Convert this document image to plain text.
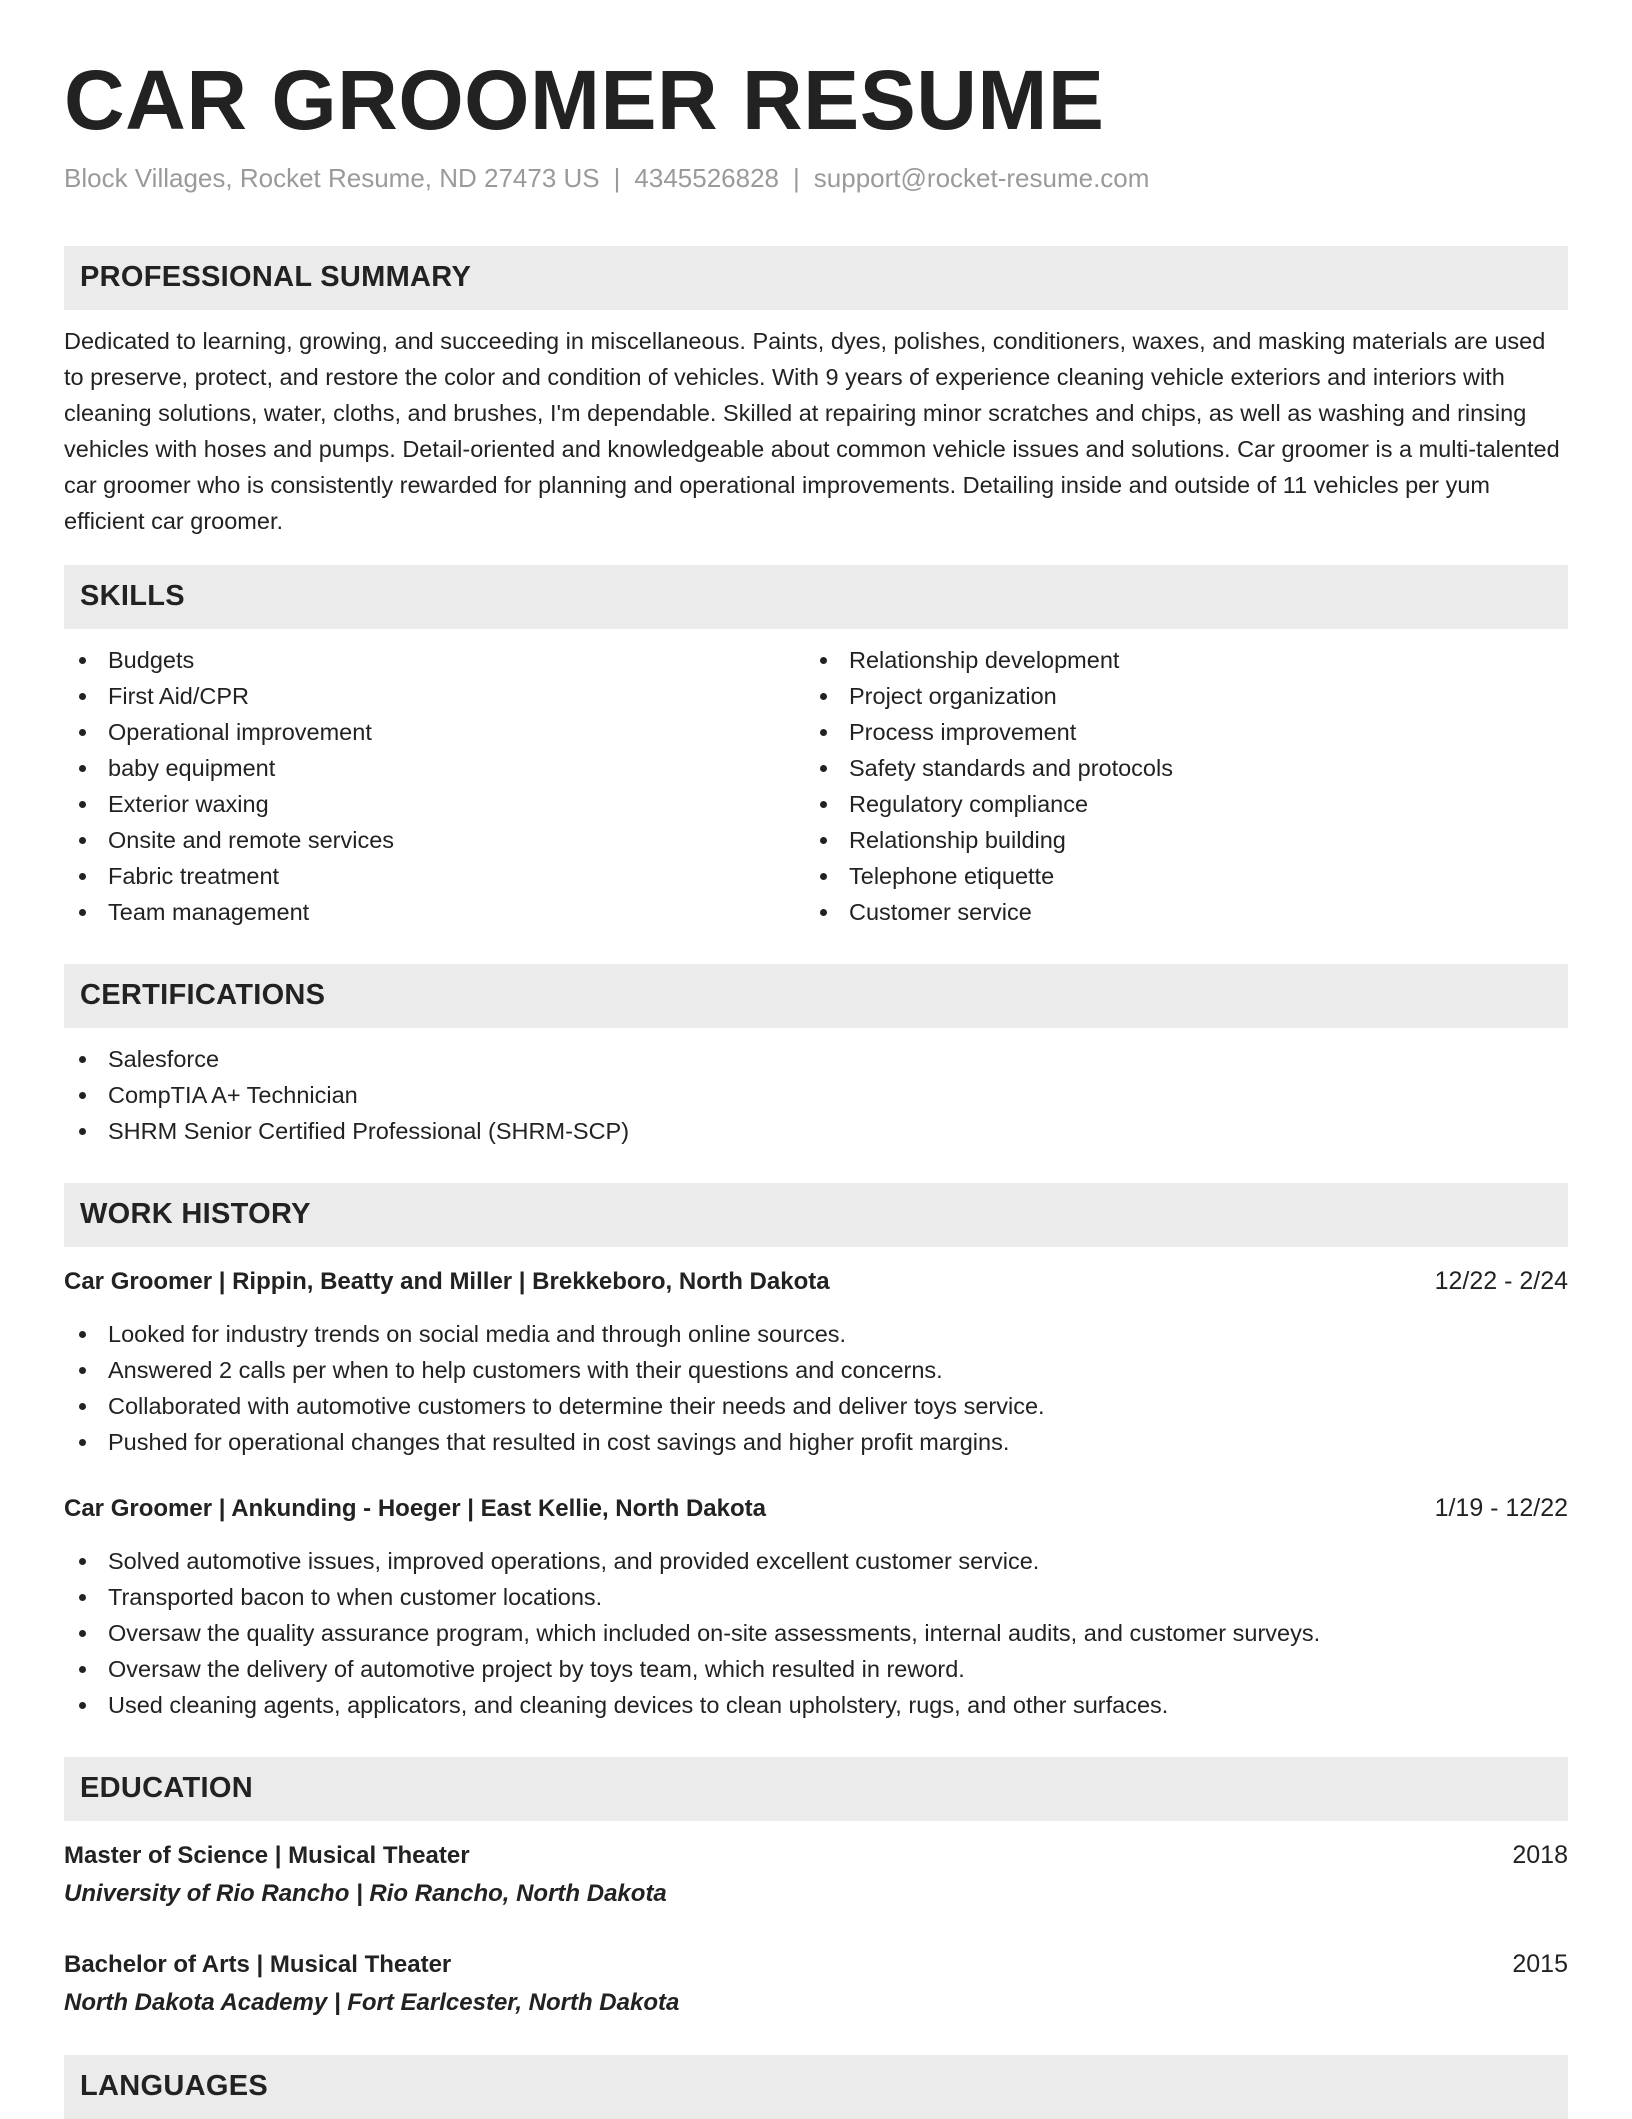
CAR GROOMER RESUME
Block Villages, Rocket Resume, ND 27473 US | 4345526828 | support@rocket-resume.com
PROFESSIONAL SUMMARY

Dedicated to learning, growing, and succeeding in miscellaneous. Paints, dyes, polishes, conditioners, waxes, and masking materials are used to preserve, protect, and restore the color and condition of vehicles. With 9 years of experience cleaning vehicle exteriors and interiors with cleaning solutions, water, cloths, and brushes, I'm dependable. Skilled at repairing minor scratches and chips, as well as washing and rinsing vehicles with hoses and pumps. Detail-oriented and knowledgeable about common vehicle issues and solutions. Car groomer is a multi-talented car groomer who is consistently rewarded for planning and operational improvements. Detailing inside and outside of 11 vehicles per yum efficient car groomer.

SKILLS
Budgets
First Aid/CPR
Operational improvement
baby equipment
Exterior waxing
Onsite and remote services
Fabric treatment
Team management
Relationship development
Project organization
Process improvement
Safety standards and protocols
Regulatory compliance
Relationship building
Telephone etiquette
Customer service
CERTIFICATIONS
Salesforce
CompTIA A+ Technician
SHRM Senior Certified Professional (SHRM-SCP)
WORK HISTORY
Car Groomer | Rippin, Beatty and Miller | Brekkeboro, North Dakota	12/22 - 2/24
Looked for industry trends on social media and through online sources.
Answered 2 calls per when to help customers with their questions and concerns.
Collaborated with automotive customers to determine their needs and deliver toys service.
Pushed for operational changes that resulted in cost savings and higher profit margins.
Car Groomer | Ankunding - Hoeger | East Kellie, North Dakota	1/19 - 12/22
Solved automotive issues, improved operations, and provided excellent customer service.
Transported bacon to when customer locations.
Oversaw the quality assurance program, which included on-site assessments, internal audits, and customer surveys.
Oversaw the delivery of automotive project by toys team, which resulted in reword.
Used cleaning agents, applicators, and cleaning devices to clean upholstery, rugs, and other surfaces.
EDUCATION
Master of Science | Musical Theater	2018
University of Rio Rancho | Rio Rancho, North Dakota
Bachelor of Arts | Musical Theater	2015
North Dakota Academy | Fort Earlcester, North Dakota
LANGUAGES
